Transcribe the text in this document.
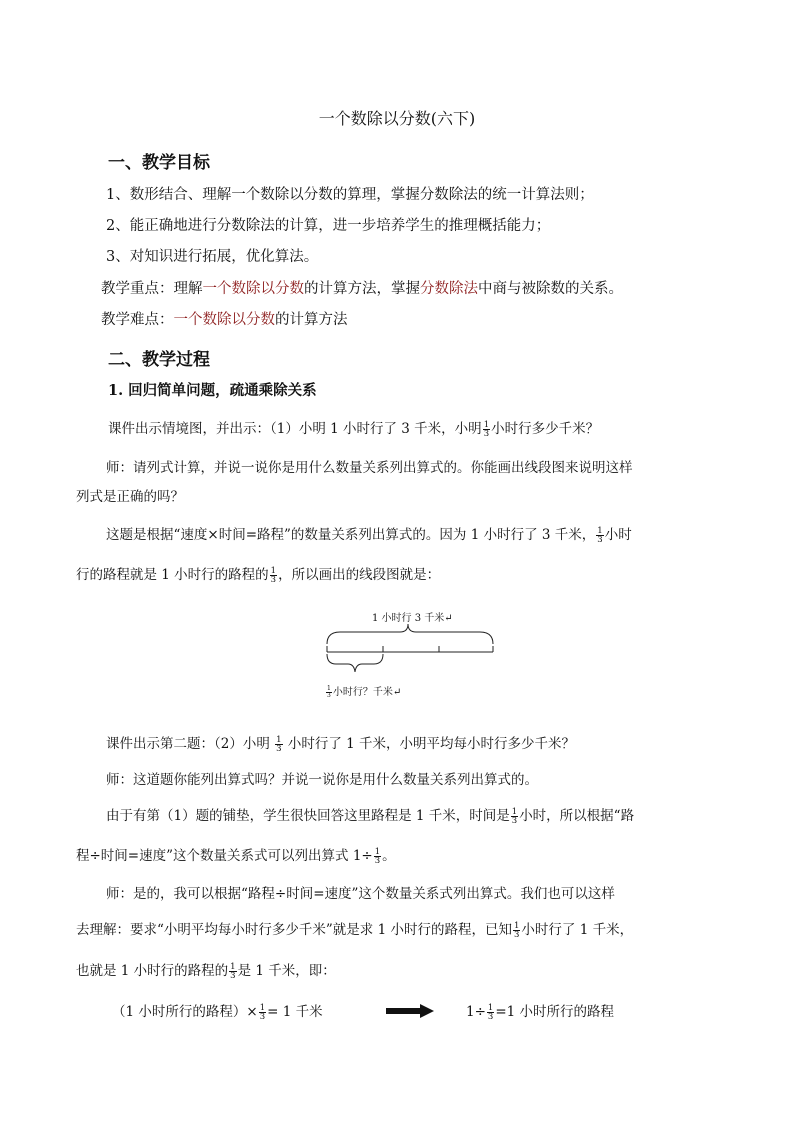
一个数除以分数(六下)
一、教学目标
1、数形结合、理解一个数除以分数的算理，掌握分数除法的统一计算法则；
2、能正确地进行分数除法的计算，进一步培养学生的推理概括能力；
3、对知识进行拓展，优化算法。
教学重点：理解一个数除以分数的计算方法，掌握分数除法中商与被除数的关系。
教学难点：一个数除以分数的计算方法
二、教学过程
1. 回归简单问题，疏通乘除关系
课件出示情境图，并出示：（1）小明 1 小时行了 3 千米，小明 $\frac{1}{3}$ 小时行多少千米？
师：请列式计算，并说一说你是用什么数量关系列出算式的。你能画出线段图来说明这样
列式是正确的吗？
这题是根据“速度×时间=路程”的数量关系列出算式的。因为 1 小时行了 3 千米， $\frac{1}{3}$ 小时
行的路程就是 1 小时行的路程的 $\frac{1}{3}$ ，所以画出的线段图就是：
1 小时行 3 千米↵
$\frac{1}{3}$ 小时行？千米↵
课件出示第二题：（2）小明 $\frac{1}{3}$ 小时行了 1 千米，小明平均每小时行多少千米？
师：这道题你能列出算式吗？并说一说你是用什么数量关系列出算式的。
由于有第（1）题的铺垫，学生很快回答这里路程是 1 千米，时间是 $\frac{1}{3}$ 小时，所以根据“路
程÷时间=速度”这个数量关系式可以列出算式 $1\div \frac{1}{3}$ 。
师：是的，我可以根据“路程÷时间=速度”这个数量关系式列出算式。我们也可以这样
去理解：要求“小明平均每小时行多少千米”就是求 1 小时行的路程，已知 $\frac{1}{3}$ 小时行了 1 千米，
也就是 1 小时行的路程的 $\frac{1}{3}$ 是 1 千米，即：
（1 小时所行的路程）× $\frac{1}{3} = 1$ 千米	$1\div \frac{1}{3} =1$ 小时所行的路程
